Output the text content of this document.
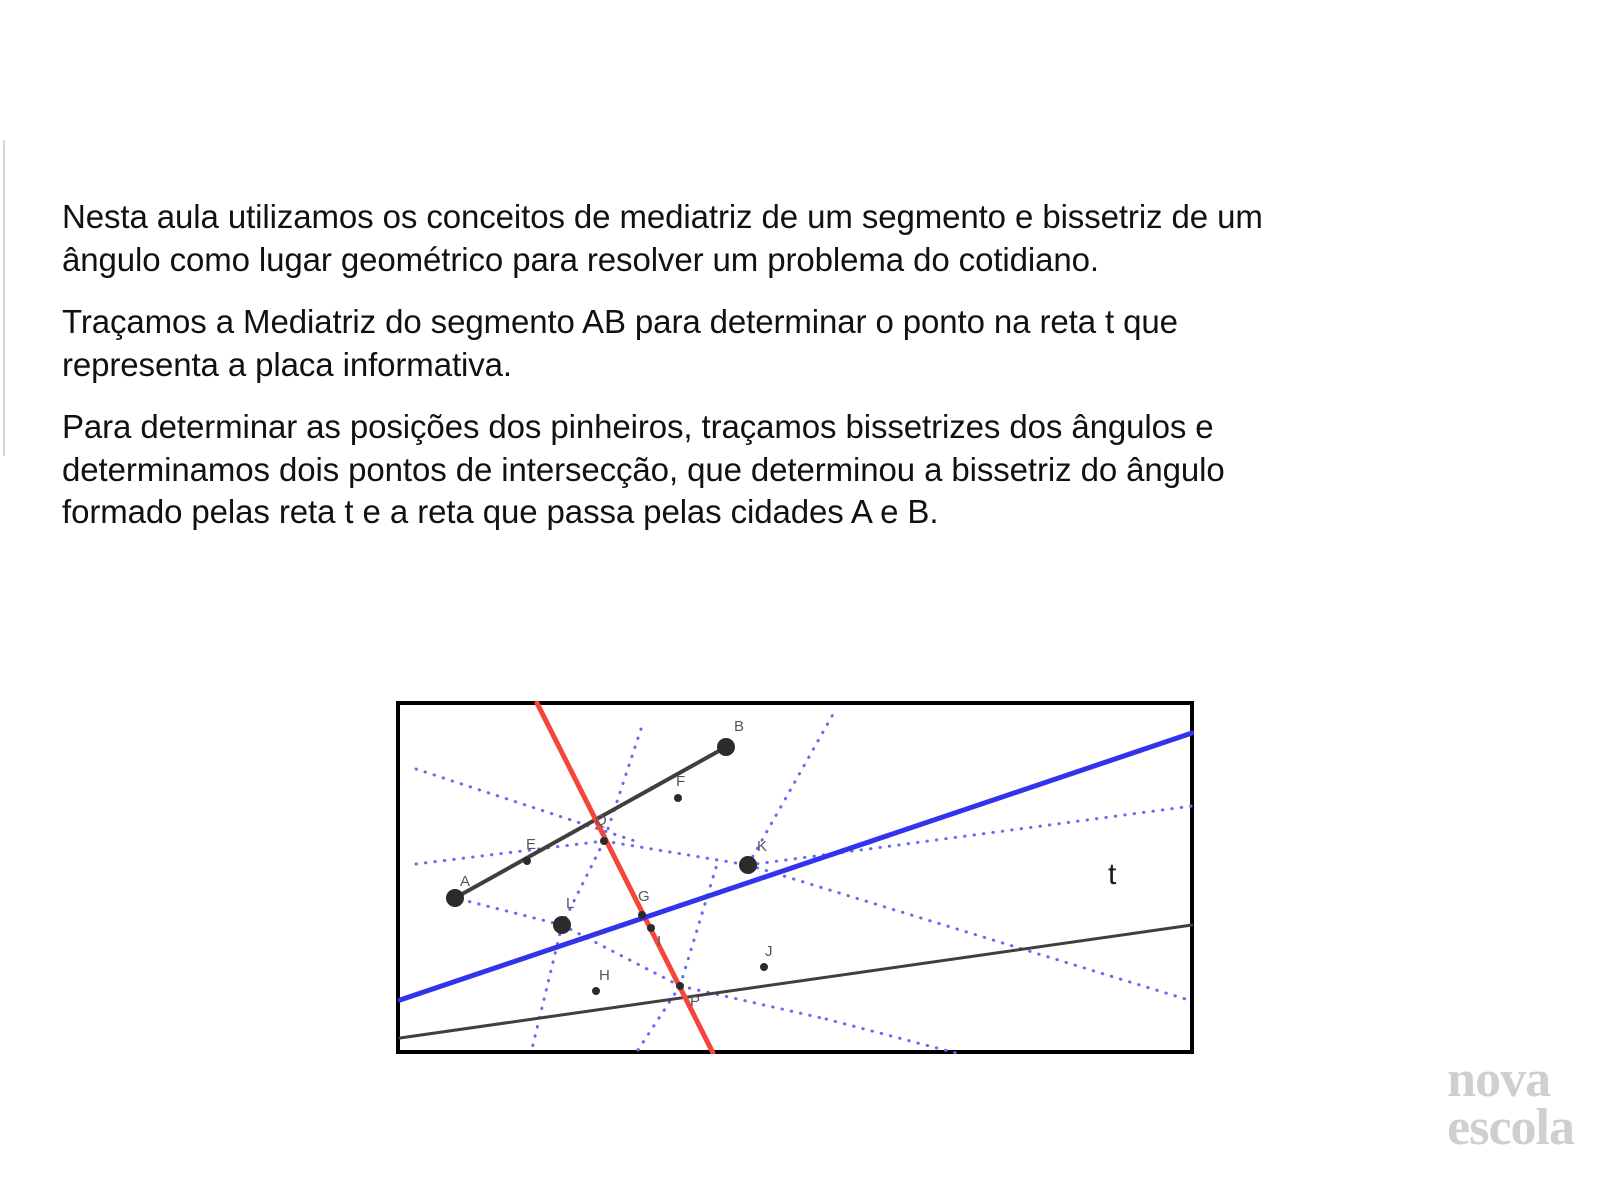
Nesta aula utilizamos os conceitos de mediatriz de um segmento e bissetriz de um ângulo como lugar geométrico para resolver um problema do cotidiano.

Traçamos a Mediatriz do segmento AB para determinar o ponto na reta t que representa a placa informativa.

Para determinar as posições dos pinheiros, traçamos bissetrizes dos ângulos e determinamos dois pontos de intersecção, que determinou a bissetriz do ângulo formado pelas reta t e a reta que passa pelas cidades A e B.

A
B
E
F
Q
G
I
K
L
H
J
P
t
nova
escola
